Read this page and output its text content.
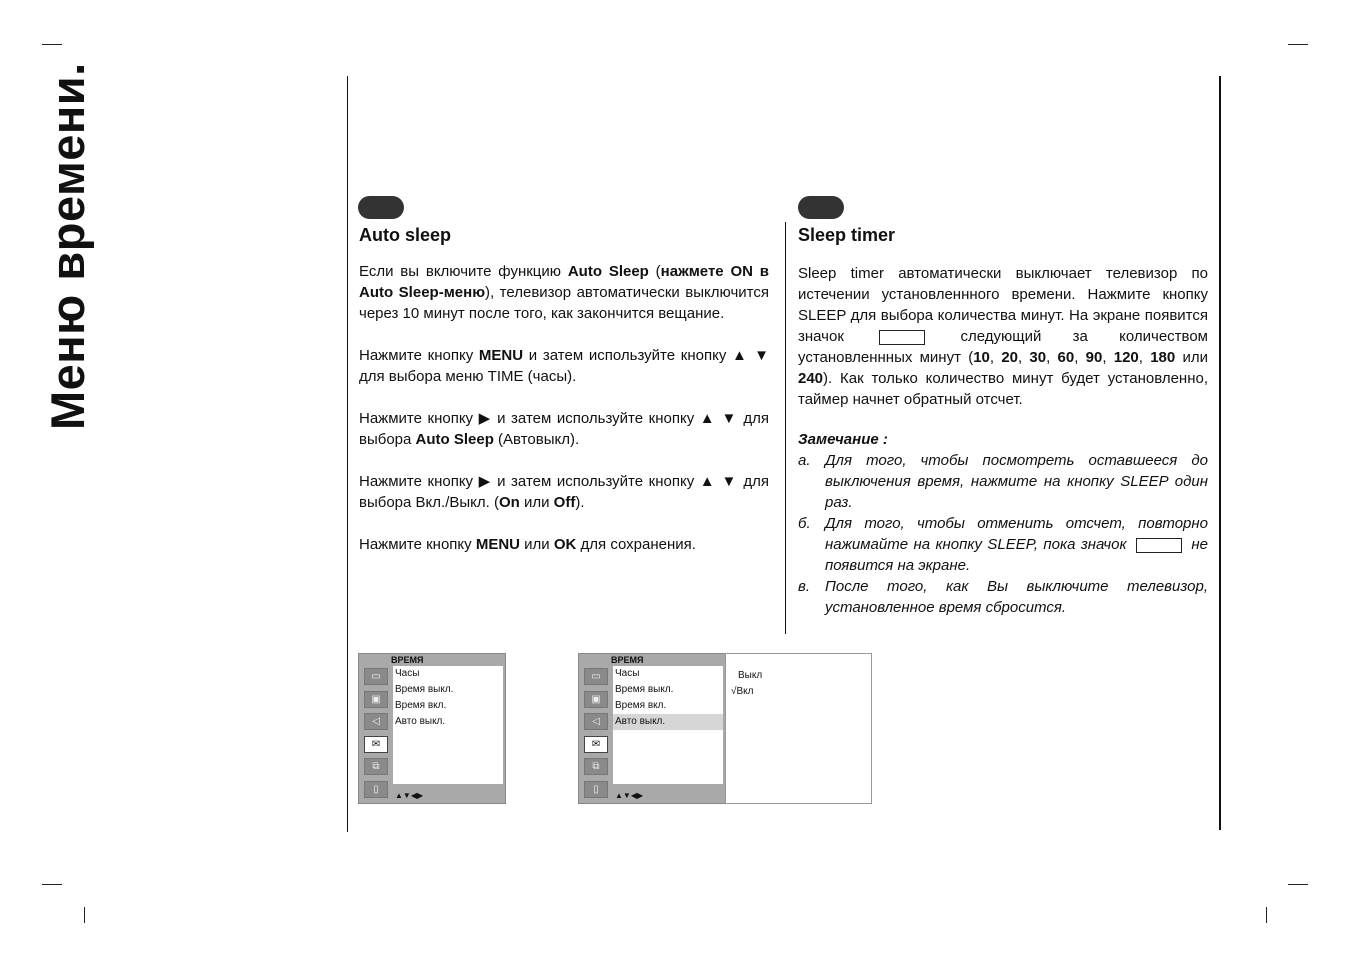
Меню времени.	Auto sleep

Если вы включите функцию Auto Sleep (нажмете ON в Auto Sleep-меню), телевизор автоматически выключится через 10 минут после того, как закончится вещание.

Нажмите кнопку MENU и затем используйте кнопку ▲ ▼ для выбора меню TIME (часы).

Нажмите кнопку ▶ и затем используйте кнопку ▲ ▼ для выбора Auto Sleep (Автовыкл).

Нажмите кнопку ▶ и затем используйте кнопку ▲ ▼ для выбора Вкл./Выкл. (On или Off).

Нажмите кнопку MENU или OK для сохранения.

Sleep timer

Sleep timer автоматически выключает телевизор по истечении установленнного времени. Нажмите кнопку SLEEP для выбора количества минут. На экране появится значок	следующий за количеством установленнных минут (10, 20, 30, 60, 90, 120, 180 или 240). Как только количество минут будет установленно, таймер начнет обратный отсчет.

Замечание :
а. Для того, чтобы посмотреть оставшееся до выключения время, нажмите на кнопку SLEEP один раз.
б. Для того, чтобы отменить отсчет, повторно нажимайте на кнопку SLEEP, пока значок	не появится на экране.
в.	После того, как Вы выключите телевизор, установленное время сбросится.
ВРЕМЯ
▭
▣
◁
✉
⧉
▯
Часы
Время выкл.
Время вкл.
Авто выкл.
▲▼◀▶
ВРЕМЯ
▭
▣
◁
✉
⧉
▯
Часы
Время выкл.
Время вкл.
Авто выкл.
▲▼◀▶
Выкл
√Вкл
